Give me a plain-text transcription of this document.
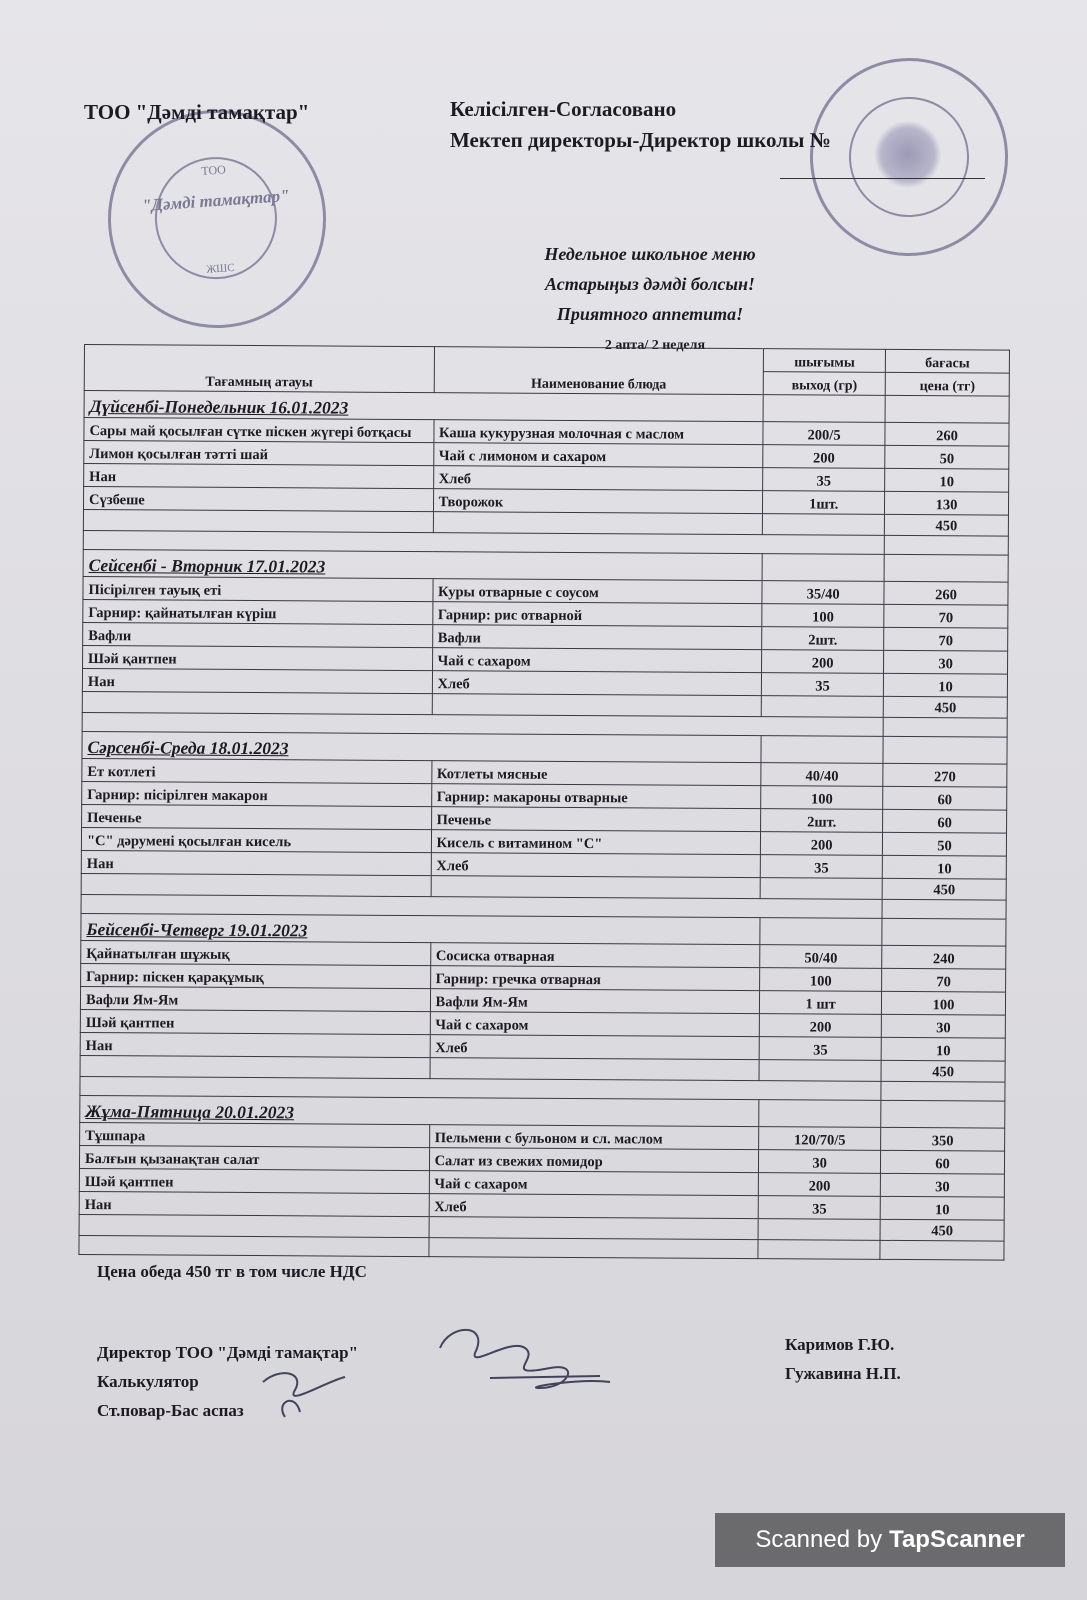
ТОО
"Дәмді тамақтар"
ЖШС
ТОО "Дәмді тамақтар"	Келісілген-Согласовано
Мектеп директоры-Директор школы №
Недельное школьное меню
Астарыңыз дәмді болсын!
Приятного аппетита!
2 апта/ 2 неделя
Тағамның атауы	Наименование блюда	шығымы	бағасы
		выход (гр)	цена (тг)
Дүйсенбі-Понедельник 16.01.2023			
Сары май қосылған сүтке піскен жүгері ботқасы	Каша кукурузная молочная с маслом	200/5	260
Лимон қосылған тәтті шай	Чай с лимоном и сахаром	200	50
Нан	Хлеб	35	10
Сүзбеше	Творожок	1шт.	130
			450

Сейсенбі - Вторник 17.01.2023			
Пісірілген тауық еті	Куры отварные с соусом	35/40	260
Гарнир: қайнатылған күріш	Гарнир: рис отварной	100	70
Вафли	Вафли	2шт.	70
Шәй қантпен	Чай с сахаром	200	30
Нан	Хлеб	35	10
			450

Сәрсенбі-Среда 18.01.2023			
Ет котлеті	Котлеты мясные	40/40	270
Гарнир: пісірілген макарон	Гарнир: макароны отварные	100	60
Печенье	Печенье	2шт.	60
"С" дәрумені қосылған кисель	Кисель с витамином "С"	200	50
Нан	Хлеб	35	10
			450

Бейсенбі-Четверг 19.01.2023			
Қайнатылған шұжық	Сосиска отварная	50/40	240
Гарнир: піскен қарақұмық	Гарнир: гречка отварная	100	70
Вафли Ям-Ям	Вафли Ям-Ям	1 шт	100
Шәй қантпен	Чай с сахаром	200	30
Нан	Хлеб	35	10
			450

Жұма-Пятница 20.01.2023			
Тұшпара	Пельмени с бульоном и сл. маслом	120/70/5	350
Балғын қызанақтан салат	Салат из свежих помидор	30	60
Шәй қантпен	Чай с сахаром	200	30
Нан	Хлеб	35	10
			450

Цена обеда 450 тг в том числе НДС
Директор ТОО "Дәмді тамақтар"
Калькулятор
Ст.повар-Бас аспаз
Каримов Г.Ю.
Гужавина Н.П.
Scanned by TapScanner
